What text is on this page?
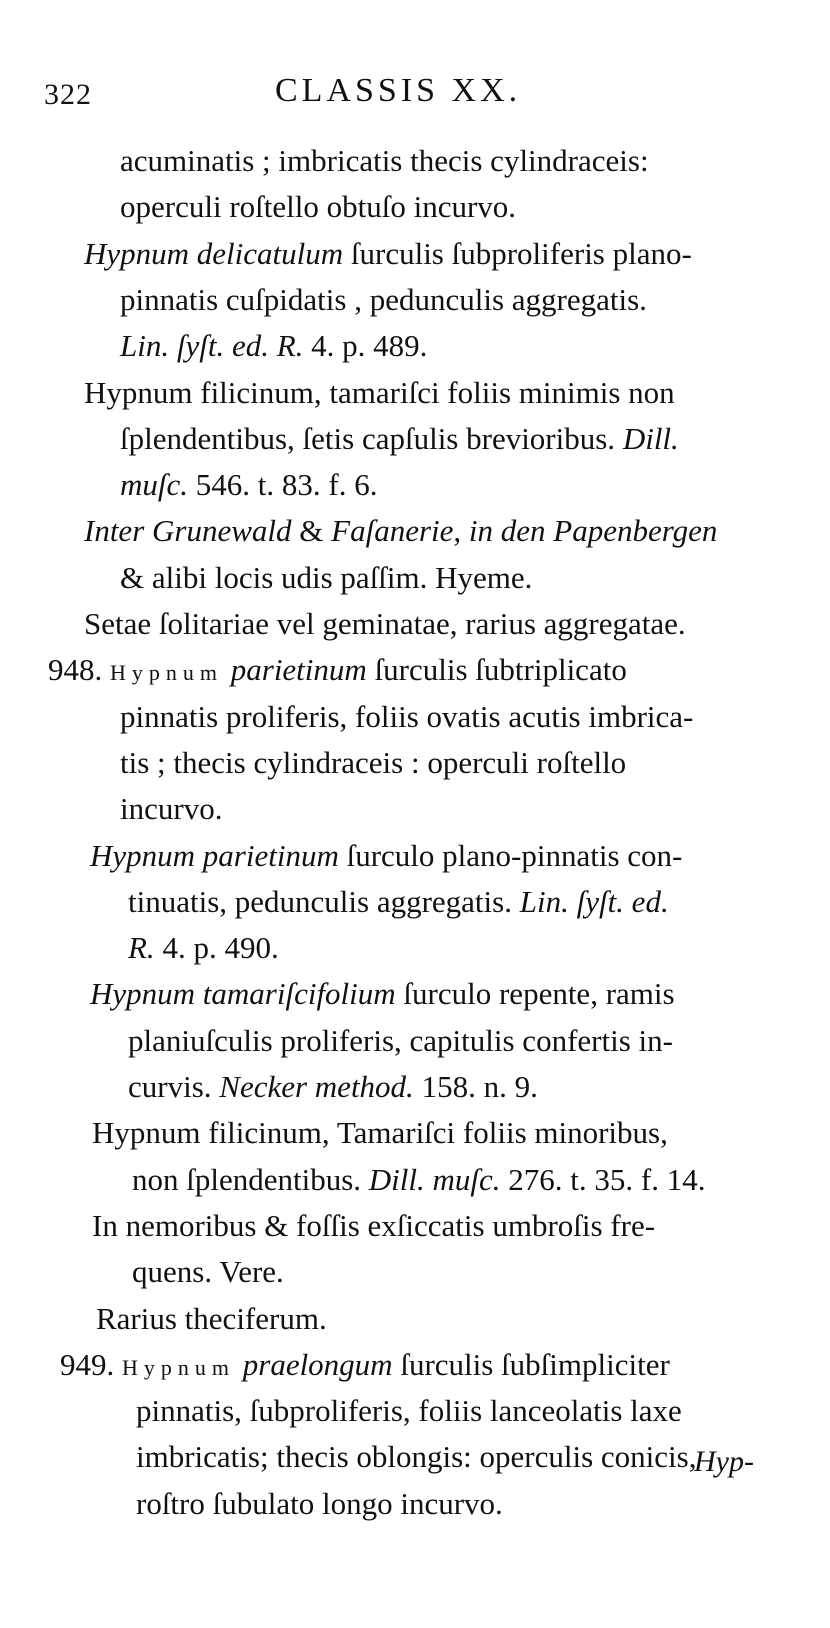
322	CLASSIS XX.
acuminatis ; imbricatis thecis cylindraceis:
operculi roſtello obtuſo incurvo.
Hypnum delicatulum ſurculis ſubproliferis plano-
pinnatis cuſpidatis , pedunculis aggregatis.
Lin. ſyſt. ed. R. 4. p. 489.
Hypnum filicinum, tamariſci foliis minimis non
ſplendentibus, ſetis capſulis brevioribus. Dill.
muſc. 546. t. 83. f. 6.
Inter Grunewald & Faſanerie, in den Papenbergen
& alibi locis udis paſſim. Hyeme.
Setae ſolitariae vel geminatae, rarius aggregatae.
948. Hypnum parietinum ſurculis ſubtriplicato
pinnatis proliferis, foliis ovatis acutis imbrica-
tis ; thecis cylindraceis : operculi roſtello
incurvo.
Hypnum parietinum ſurculo plano-pinnatis con-
tinuatis, pedunculis aggregatis. Lin. ſyſt. ed.
R. 4. p. 490.
Hypnum tamariſcifolium ſurculo repente, ramis
planiuſculis proliferis, capitulis confertis in-
curvis. Necker method. 158. n. 9.
Hypnum filicinum, Tamariſci foliis minoribus,
non ſplendentibus. Dill. muſc. 276. t. 35. f. 14.
In nemoribus & foſſis exſiccatis umbroſis fre-
quens. Vere.
Rarius theciferum.
949. Hypnum praelongum ſurculis ſubſimpliciter
pinnatis, ſubproliferis, foliis lanceolatis laxe
imbricatis; thecis oblongis: operculis conicis,
roſtro ſubulato longo incurvo.
Hyp-
